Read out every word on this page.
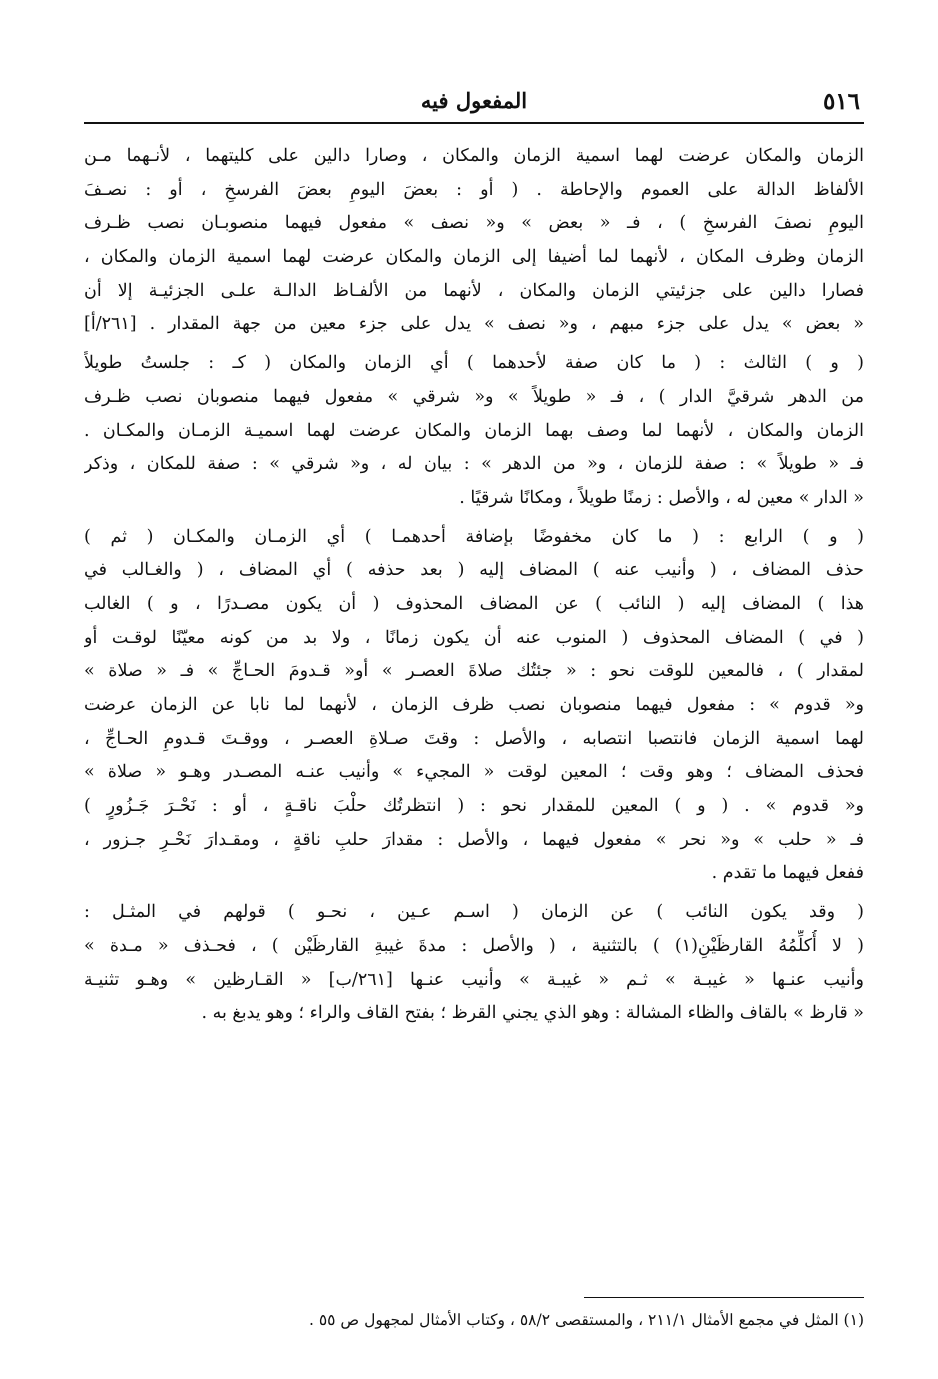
٥١٦
المفعول فيه
الزمان والمكان عرضت لهما اسمية الزمان والمكان ، وصارا دالين على كليتهما ، لأنـهما مـن
الألفاظ الدالة على العموم والإحاطة . ( أو : بعضَ اليومِ بعضَ الفرسخِ ، أو : نصـفَ
اليومِ نصفَ الفرسخِ ) ، فـ « بعض » و« نصف » مفعول فيهما منصوبـان نصب ظـرف
الزمان وظرف المكان ، لأنهما لما أضيفا إلى الزمان والمكان عرضت لهما اسمية الزمان والمكان ،
فصارا دالين على جزئيتي الزمان والمكان ، لأنهما من الألفـاظ الدالـة علـى الجزئيـة إلا أن
« بعض » يدل على جزء مبهم ، و« نصف » يدل على جزء معين من جهة المقدار . [٢٦١/أ]
( و ) الثالث : ( ما كان صفة لأحدهما ) أي الزمان والمكان ( كـ : جلستُ طويلاً
من الدهر شرقيَّ الدار ) ، فـ « طويلاً » و« شرقي » مفعول فيهما منصوبان نصب ظـرف
الزمان والمكان ، لأنهما لما وصف بهما الزمان والمكان عرضت لهما اسميـة الزمـان والمكـان .
فـ « طويلاً » : صفة للزمان ، و« من الدهر » : بيان له ، و« شرقي » : صفة للمكان ، وذكر
« الدار » معين له ، والأصل : زمنًا طويلاً ، ومكانًا شرقيًا .
( و ) الرابع : ( ما كان مخفوضًا بإضافة أحدهمـا ) أي الزمـان والمكـان ( ثم )
حذف المضاف ، ( وأنيب عنه ) المضاف إليه ( بعد حذفه ) أي المضاف ، ( والغـالب في
هذا ) المضاف إليه ( النائب ) عن المضاف المحذوف ( أن يكون مصـدرًا ، و ) الغالب
( في ) المضاف المحذوف ( المنوب عنه أن يكون زمانًا ، ولا بد من كونه معيّنًا لوقـت أو
لمقدار ) ، فالمعين للوقت نحو : « جئتُك صلاةَ العصـر » أو« قـدومَ الحـاجِّ » فـ « صلاة »
و« قدوم » : مفعول فيهما منصوبان نصب ظرف الزمان ، لأنهما لما نابا عن الزمان عرضت
لهما اسمية الزمان فانتصبا انتصابه ، والأصل : وقتَ صـلاةِ العصـر ، ووقـتَ قـدومِ الحـاجِّ ،
فحذف المضاف ؛ وهو وقت ؛ المعين لوقت « المجيء » وأنيب عنـه المصـدر وهـو « صلاة »
و« قدوم » . ( و ) المعين للمقدار نحو : ( انتظرتُك حلْبَ ناقـةٍ ، أو : نَحْـرَ جَـزُورٍ )
فـ « حلب » و« نحر » مفعول فيهما ، والأصل : مقدارَ حلبِ ناقةٍ ، ومقـدارَ نَحْـرِ جـزور ،
ففعل فيهما ما تقدم .
( وقد يكون النائب ) عن الزمان ( اسـم عـين ، نحـو ) قولهم في المثـل :
( لا أُكلِّمُهُ القارظَيْنِ(١) ) بالتثنية ، ( والأصل : مدةَ غيبةِ القارظَيْن ) ، فحـذف « مـدة »
وأنيب عنـها « غيبـة » ثـم « غيبـة » وأنيب عنـها [٢٦١/ب] « القـارظين » وهـو تثنيـة
« قارظ » بالقاف والظاء المشالة : وهو الذي يجني القرظ ؛ بفتح القاف والراء ؛ وهو يدبغ به .
(١) المثل في مجمع الأمثال ٢١١/١ ، والمستقصى ٥٨/٢ ، وكتاب الأمثال لمجهول ص ٥٥ .
